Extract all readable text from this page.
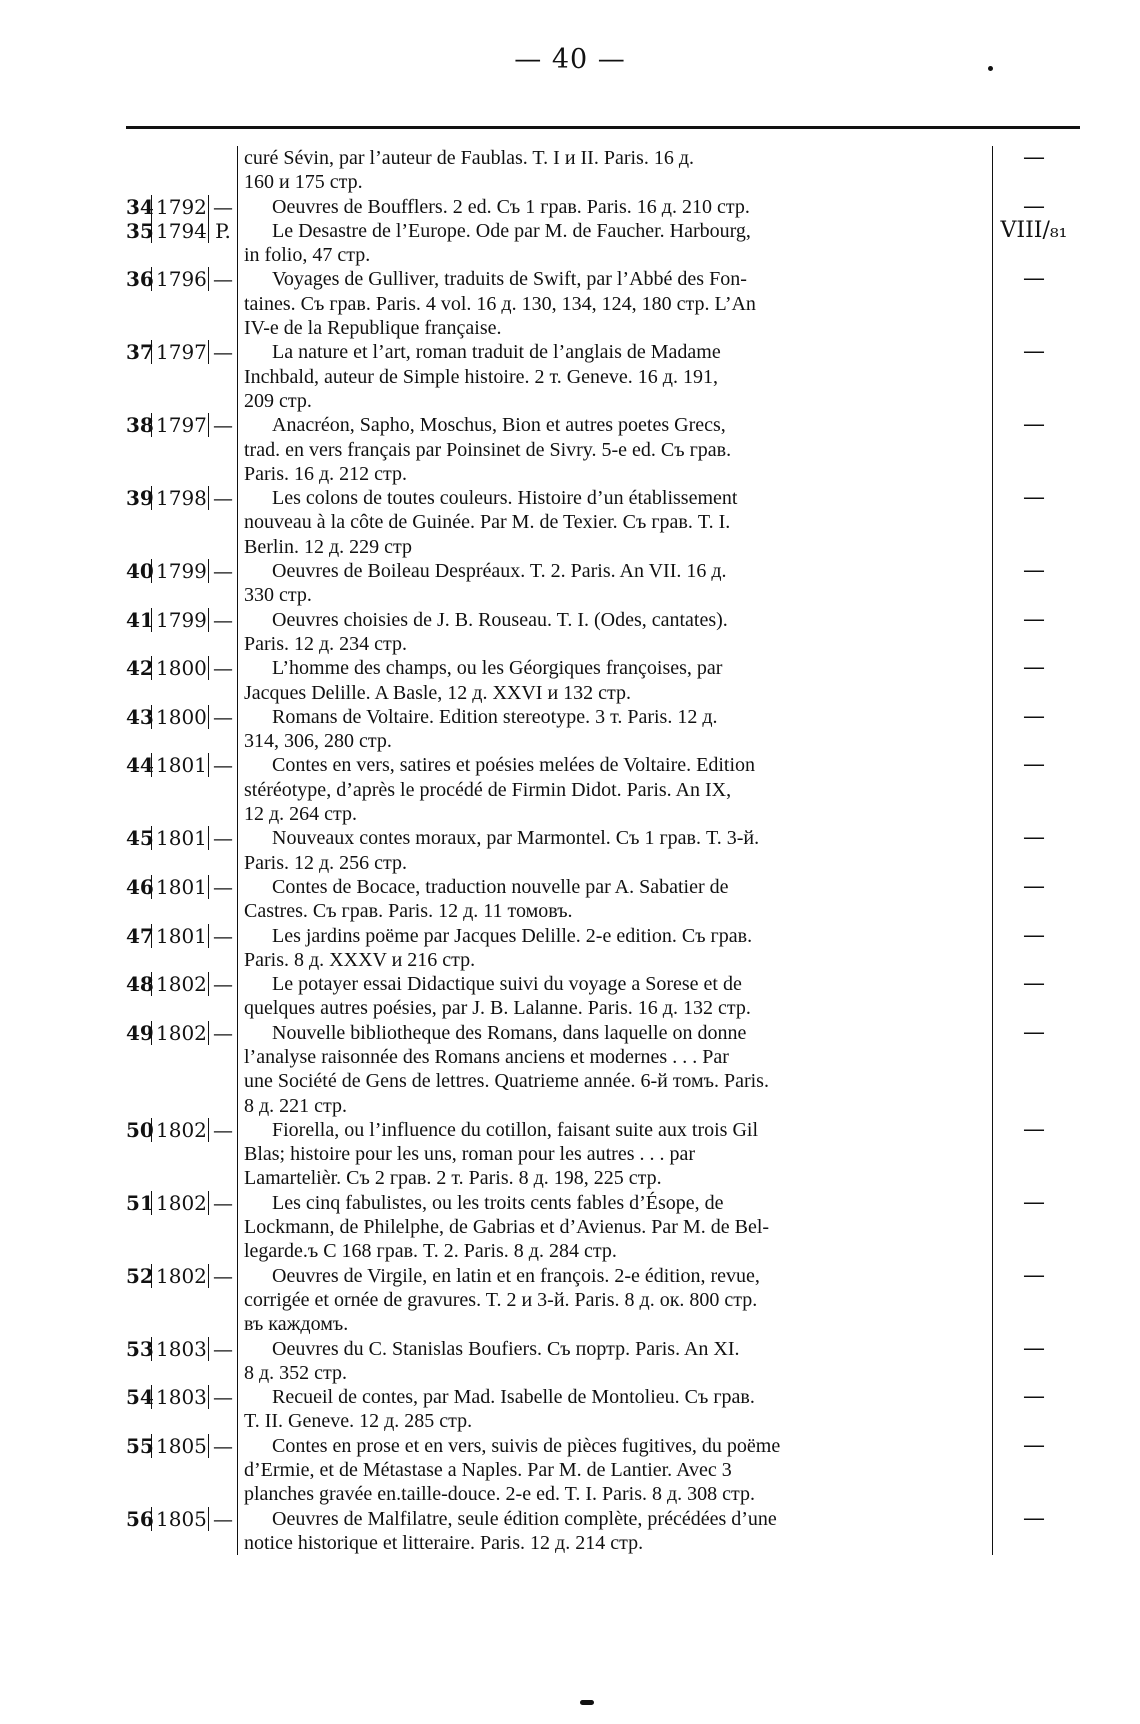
— 40 —
curé Sévin, par l’auteur de Faublas. T. I и II. Paris. 16 д.
160 и 175 стр.
—
34 1792 —	Oeuvres de Boufflers. 2 ed. Съ 1 грав. Paris. 16 д. 210 стр.	—
35 1794 P.	Le Desastre de l’Europe. Ode par M. de Faucher. Harbourg,
in folio, 47 стр.
VIII/₈₁
36 1796 —	Voyages de Gulliver, traduits de Swift, par l’Abbé des Fon-
taines. Съ грав. Paris. 4 vol. 16 д. 130, 134, 124, 180 стр. L’An
IV-e de la Republique française.
—
37 1797 —	La nature et l’art, roman traduit de l’anglais de Madame
Inchbald, auteur de Simple histoire. 2 т. Geneve. 16 д. 191,
209 стр.
—
38 1797 —	Anacréon, Sapho, Moschus, Bion et autres poetes Grecs,
trad. en vers français par Poinsinet de Sivry. 5-е ed. Съ грав.
Paris. 16 д. 212 стр.
—
39 1798 —	Les colons de toutes couleurs. Histoire d’un établissement
nouveau à la côte de Guinée. Par M. de Texier. Съ грав. T. I.
Berlin. 12 д. 229 стр
—
40 1799 —	Oeuvres de Boileau Despréaux. T. 2. Paris. An VII. 16 д.
330 стр.
—
41 1799 —	Oeuvres choisies de J. B. Rouseau. T. I. (Odes, cantates).
Paris. 12 д. 234 стр.
—
42 1800 —	L’homme des champs, ou les Géorgiques françoises, par
Jacques Delille. A Basle, 12 д. XXVI и 132 стр.
—
43 1800 —	Romans de Voltaire. Edition stereotype. 3 т. Paris. 12 д.
314, 306, 280 стр.
—
44 1801 —	Contes en vers, satires et poésies melées de Voltaire. Edition
stéréotype, d’après le procédé de Firmin Didot. Paris. An IX,
12 д. 264 стр.
—
45 1801 —	Nouveaux contes moraux, par Marmontel. Съ 1 грав. T. 3-й.
Paris. 12 д. 256 стр.
—
46 1801 —	Contes de Bocace, traduction nouvelle par A. Sabatier de
Castres. Съ грав. Paris. 12 д. 11 томовъ.
—
47 1801 —	Les jardins poëme par Jacques Delille. 2-е edition. Съ грав.
Paris. 8 д. XXXV и 216 стр.
—
48 1802 —	Le potayer essai Didactique suivi du voyage a Sorese et de
quelques autres poésies, par J. B. Lalanne. Paris. 16 д. 132 стр.
—
49 1802 —	Nouvelle bibliotheque des Romans, dans laquelle on donne
l’analyse raisonnée des Romans anciens et modernes . . . Par
une Société de Gens de lettres. Quatrieme année. 6-й томъ. Paris.
8 д. 221 стр.
—
50 1802 —	Fiorella, ou l’influence du cotillon, faisant suite aux trois Gil
Blas; histoire pour les uns, roman pour les autres . . . par
Lamartelièr. Съ 2 грав. 2 т. Paris. 8 д. 198, 225 стр.
—
51 1802 —	Les cinq fabulistes, ou les troits cents fables d’Ésope, de
Lockmann, de Philelphe, de Gabrias et d’Avienus. Par M. de Bel-
legarde.ъ С 168 грав. T. 2. Paris. 8 д. 284 стр.
—
52 1802 —	Oeuvres de Virgile, en latin et en françois. 2-е édition, revue,
corrigée et ornée de gravures. T. 2 и 3-й. Paris. 8 д. ок. 800 стр.
въ каждомъ.
—
53 1803 —	Oeuvres du C. Stanislas Boufiers. Съ портр. Paris. An XI.
8 д. 352 стр.
—
54 1803 —	Recueil de contes, par Mad. Isabelle de Montolieu. Съ грав.
T. II. Geneve. 12 д. 285 стр.
—
55 1805 —	Contes en prose et en vers, suivis de pièces fugitives, du poëme
d’Ermie, et de Métastase a Naples. Par M. de Lantier. Avec 3
planches gravée en.taille-douce. 2-е ed. T. I. Paris. 8 д. 308 стр.
—
56 1805 —	Oeuvres de Malfilatre, seule édition complète, précédées d’une
notice historique et litteraire. Paris. 12 д. 214 стр.
—
